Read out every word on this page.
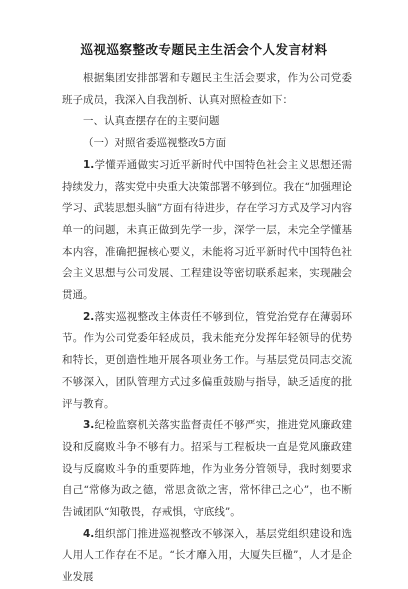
巡视巡察整改专题民主生活会个人发言材料

根据集团安排部署和专题民主生活会要求，作为公司党委班子成员，我深入自我剖析、认真对照检查如下：

一、认真查摆存在的主要问题

（一）对照省委巡视整改5方面

1.学懂弄通做实习近平新时代中国特色社会主义思想还需持续发力，落实党中央重大决策部署不够到位。我在“加强理论学习、武装思想头脑”方面有待进步，存在学习方式及学习内容单一的问题，未真正做到先学一步，深学一层，未完全学懂基本内容，准确把握核心要义，未能将习近平新时代中国特色社会主义思想与公司发展、工程建设等密切联系起来，实现融会贯通。

2.落实巡视整改主体责任不够到位，管党治党存在薄弱环节。作为公司党委年轻成员，我未能充分发挥年轻领导的优势和特长，更创造性地开展各项业务工作。与基层党员同志交流不够深入，团队管理方式过多偏重鼓励与指导，缺乏适度的批评与教育。

3.纪检监察机关落实监督责任不够严实，推进党风廉政建设和反腐败斗争不够有力。招采与工程板块一直是党风廉政建设与反腐败斗争的重要阵地，作为业务分管领导，我时刻要求自己“常修为政之德，常思贪欲之害，常怀律己之心”，也不断告诫团队“知敬畏，存戒惧，守底线”。

4.组织部门推进巡视整改不够深入，基层党组织建设和选人用人工作存在不足。“长才靡入用，大厦失巨楹”，人才是企业发展
